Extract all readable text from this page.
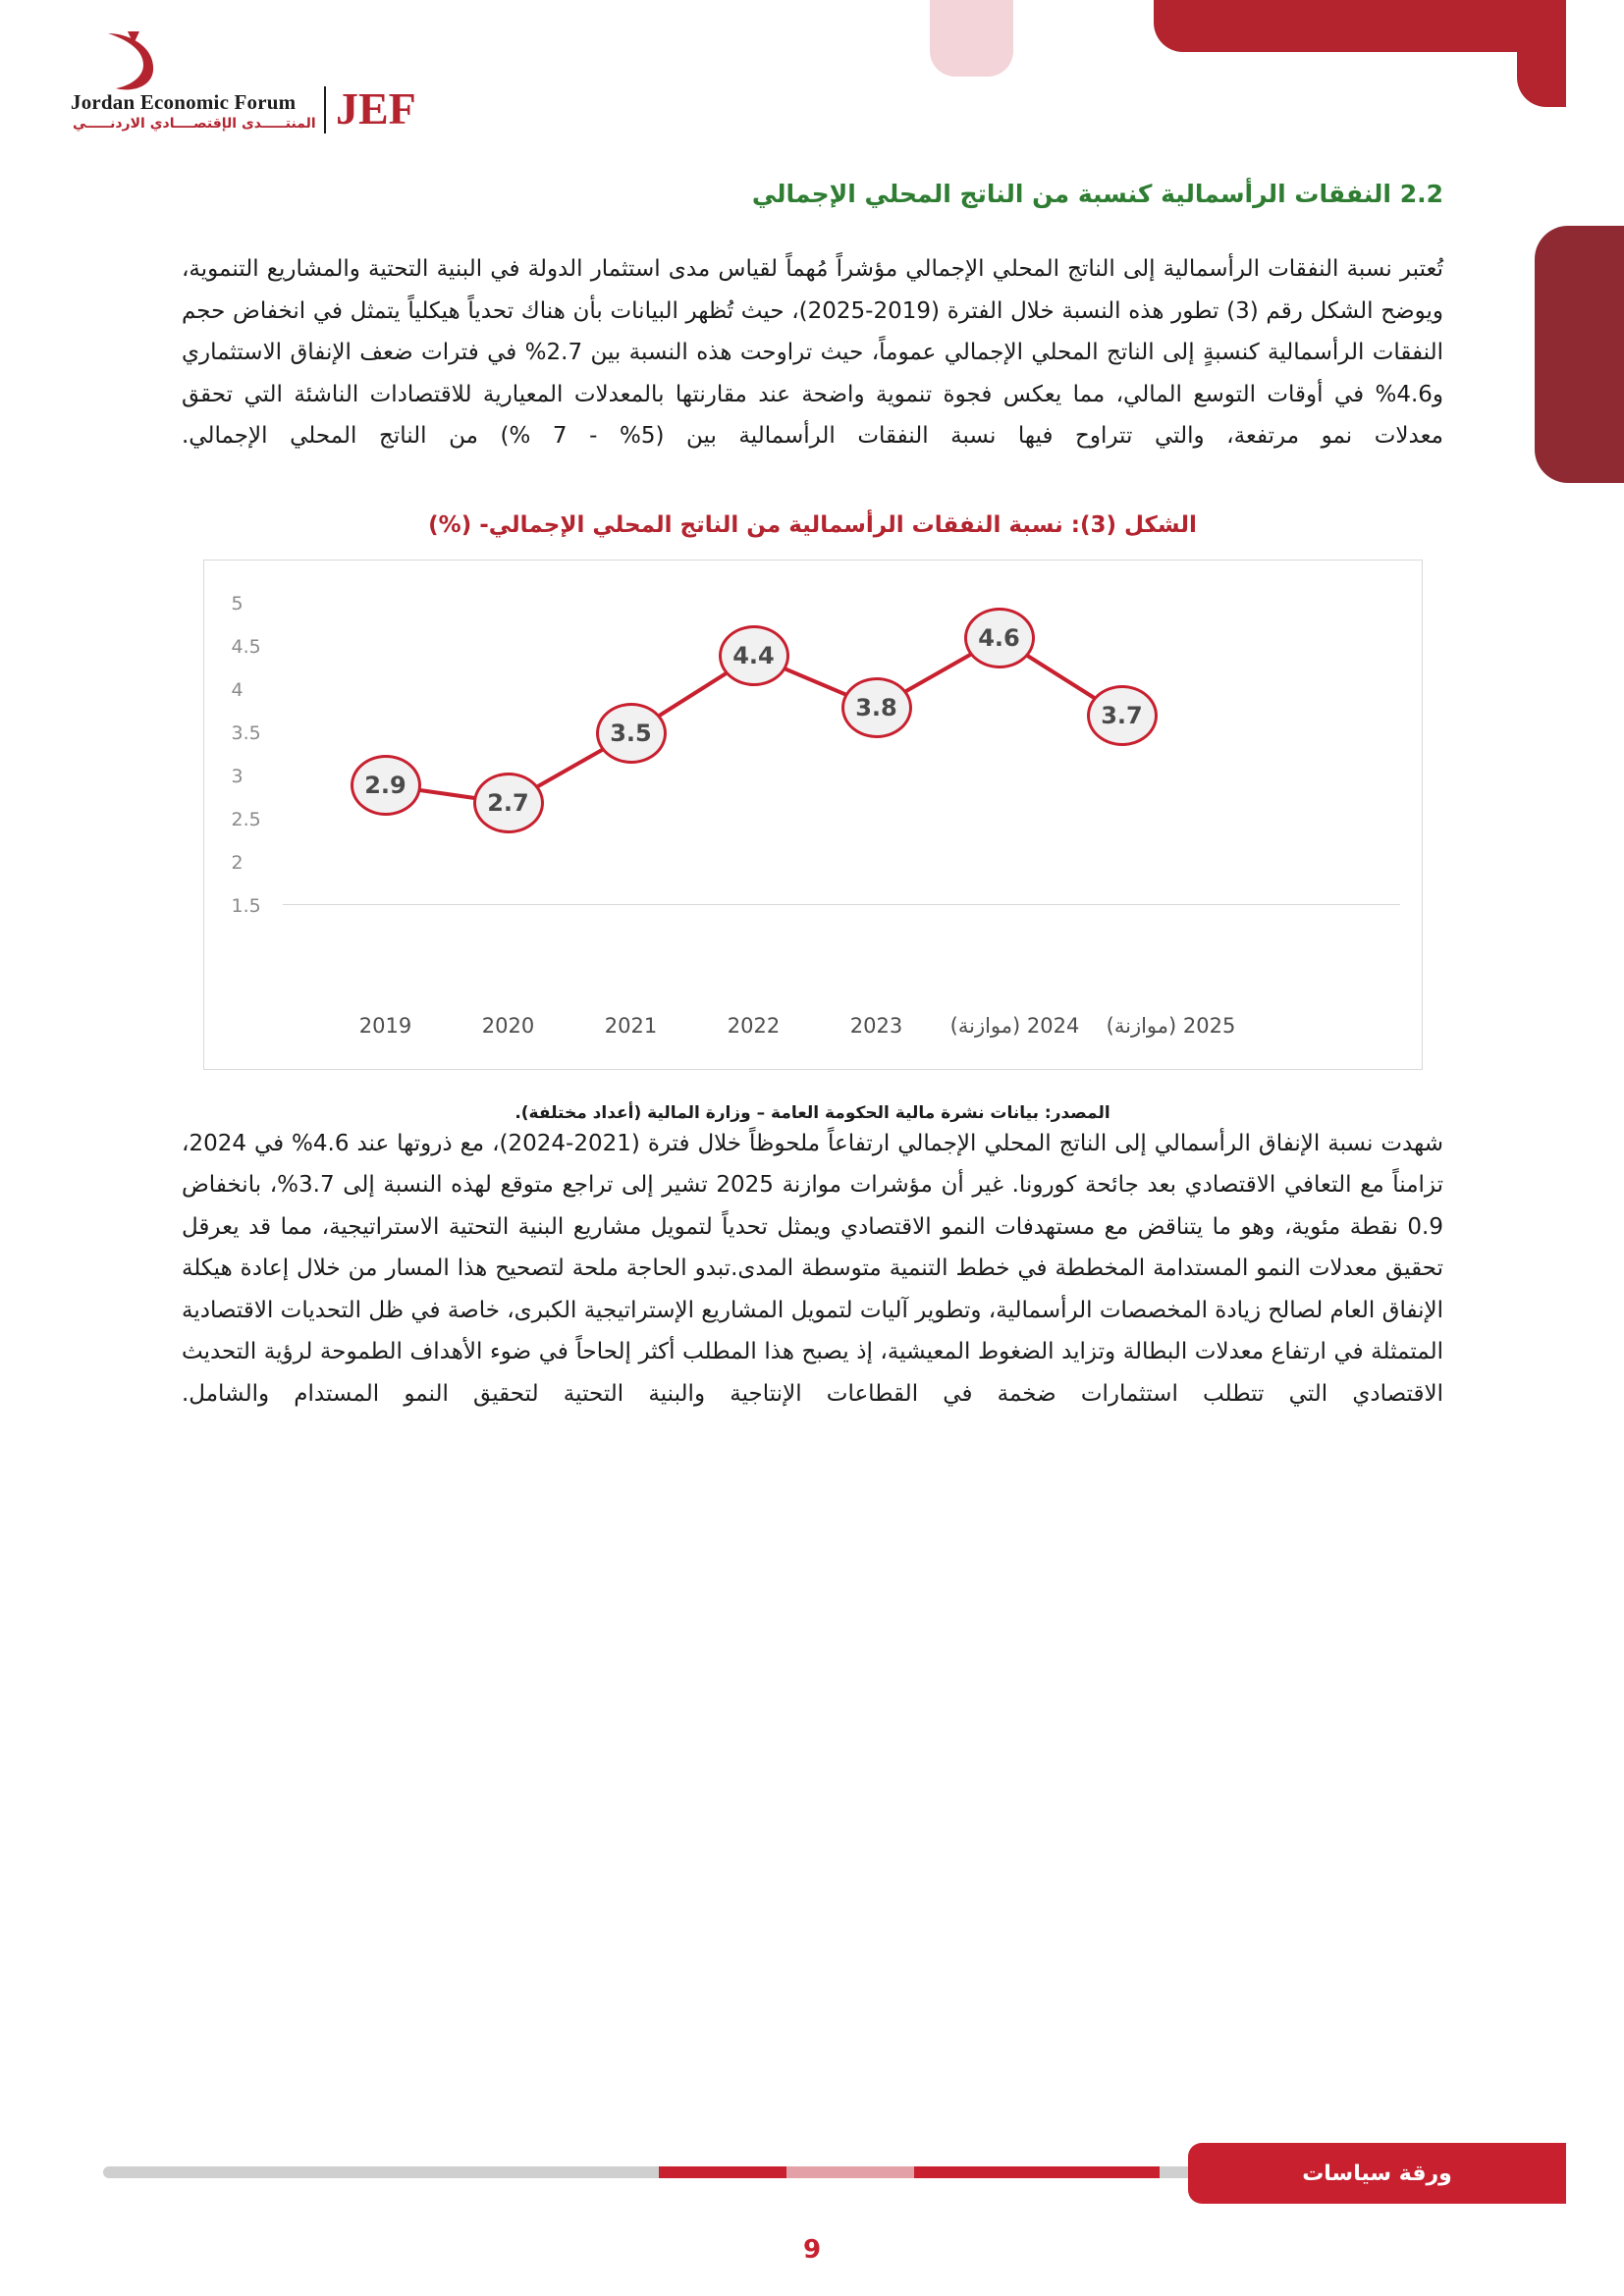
Jordan Economic Forum
المنتـــــدى الإقتصــــادي الاردنـــــي JEF
2.2 النفقات الرأسمالية كنسبة من الناتج المحلي الإجمالي

تُعتبر نسبة النفقات الرأسمالية إلى الناتج المحلي الإجمالي مؤشراً مُهماً لقياس مدى استثمار الدولة في البنية التحتية والمشاريع التنموية، ويوضح الشكل رقم (3) تطور هذه النسبة خلال الفترة (2019-2025)، حيث تُظهر البيانات بأن هناك تحدياً هيكلياً يتمثل في انخفاض حجم النفقات الرأسمالية كنسبةٍ إلى الناتج المحلي الإجمالي عموماً، حيث تراوحت هذه النسبة بين 2.7% في فترات ضعف الإنفاق الاستثماري و4.6% في أوقات التوسع المالي، مما يعكس فجوة تنموية واضحة عند مقارنتها بالمعدلات المعيارية للاقتصادات الناشئة التي تحقق معدلات نمو مرتفعة، والتي تتراوح فيها نسبة النفقات الرأسمالية بين (5% - 7 %) من الناتج المحلي الإجمالي.

الشكل (3): نسبة النفقات الرأسمالية من الناتج المحلي الإجمالي- (%)
5
4.5
4
3.5
3
2.5
2
1.5
2.9
2.7
3.5
4.4
3.8
4.6
3.7
2019	2020	2021	2022	2023 2024 (موازنة) 2025 (موازنة)

المصدر: بيانات نشرة مالية الحكومة العامة – وزارة المالية (أعداد مختلفة).

شهدت نسبة الإنفاق الرأسمالي إلى الناتج المحلي الإجمالي ارتفاعاً ملحوظاً خلال فترة (2021-2024)، مع ذروتها عند 4.6% في 2024، تزامناً مع التعافي الاقتصادي بعد جائحة كورونا. غير أن مؤشرات موازنة 2025 تشير إلى تراجع متوقع لهذه النسبة إلى 3.7%، بانخفاض 0.9 نقطة مئوية، وهو ما يتناقض مع مستهدفات النمو الاقتصادي ويمثل تحدياً لتمويل مشاريع البنية التحتية الاستراتيجية، مما قد يعرقل تحقيق معدلات النمو المستدامة المخططة في خطط التنمية متوسطة المدى.تبدو الحاجة ملحة لتصحيح هذا المسار من خلال إعادة هيكلة الإنفاق العام لصالح زيادة المخصصات الرأسمالية، وتطوير آليات لتمويل المشاريع الإستراتيجية الكبرى، خاصة في ظل التحديات الاقتصادية المتمثلة في ارتفاع معدلات البطالة وتزايد الضغوط المعيشية، إذ يصبح هذا المطلب أكثر إلحاحاً في ضوء الأهداف الطموحة لرؤية التحديث الاقتصادي التي تتطلب استثمارات ضخمة في القطاعات الإنتاجية والبنية التحتية لتحقيق النمو المستدام والشامل.

ورقة سياسات
9
